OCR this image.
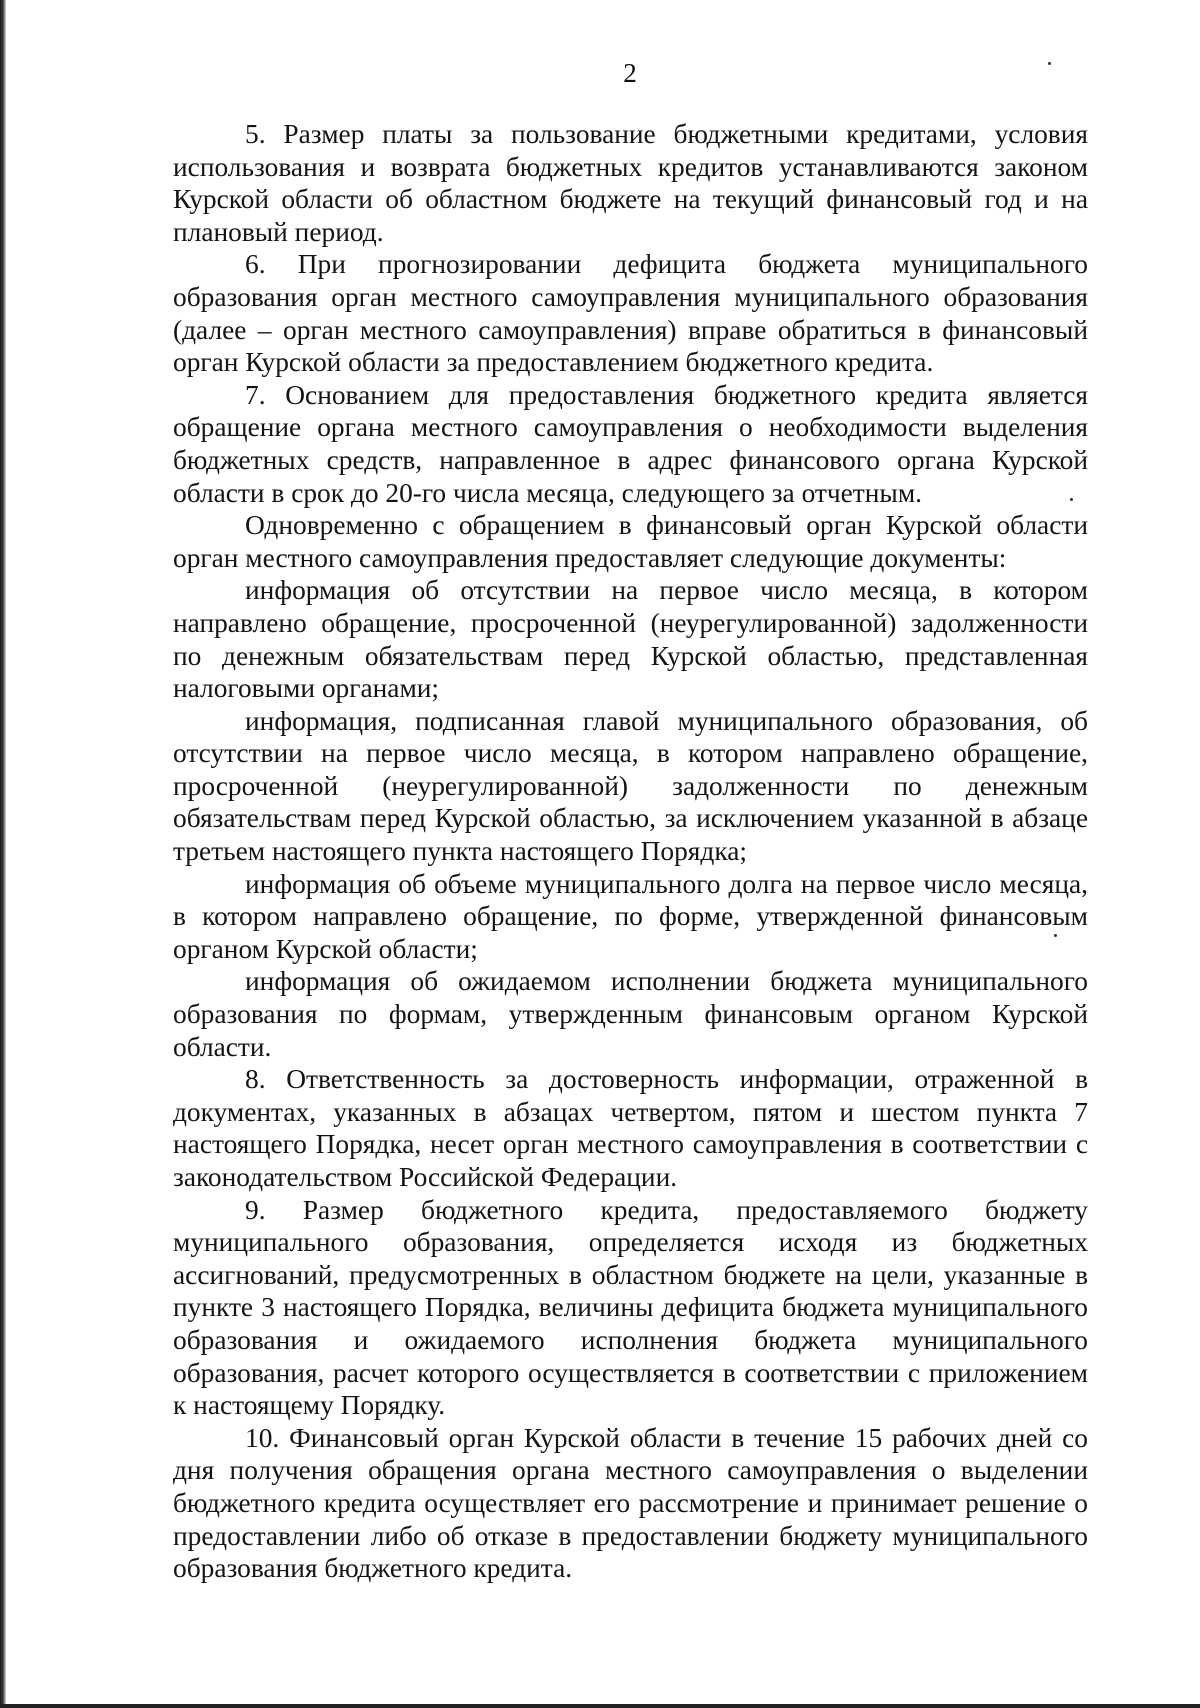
2

5. Размер платы за пользование бюджетными кредитами, условия использования и возврата бюджетных кредитов устанавливаются законом Курской области об областном бюджете на текущий финансовый год и на плановый период.

6. При прогнозировании дефицита бюджета муниципального образования орган местного самоуправления муниципального образования (далее – орган местного самоуправления) вправе обратиться в финансовый орган Курской области за предоставлением бюджетного кредита.

7. Основанием для предоставления бюджетного кредита является обращение органа местного самоуправления о необходимости выделения бюджетных средств, направленное в адрес финансового органа Курской области в срок до 20-го числа месяца, следующего за отчетным.

Одновременно с обращением в финансовый орган Курской области орган местного самоуправления предоставляет следующие документы:

информация об отсутствии на первое число месяца, в котором направлено обращение, просроченной (неурегулированной) задолженности по денежным обязательствам перед Курской областью, представленная налоговыми органами;

информация, подписанная главой муниципального образования, об отсутствии на первое число месяца, в котором направлено обращение, просроченной (неурегулированной) задолженности по денежным обязательствам перед Курской областью, за исключением указанной в абзаце третьем настоящего пункта настоящего Порядка;

информация об объеме муниципального долга на первое число месяца, в котором направлено обращение, по форме, утвержденной финансовым органом Курской области;

информация об ожидаемом исполнении бюджета муниципального образования по формам, утвержденным финансовым органом Курской области.

8. Ответственность за достоверность информации, отраженной в документах, указанных в абзацах четвертом, пятом и шестом пункта 7 настоящего Порядка, несет орган местного самоуправления в соответствии с законодательством Российской Федерации.

9. Размер бюджетного кредита, предоставляемого бюджету муниципального образования, определяется исходя из бюджетных ассигнований, предусмотренных в областном бюджете на цели, указанные в пункте 3 настоящего Порядка, величины дефицита бюджета муниципального образования и ожидаемого исполнения бюджета муниципального образования, расчет которого осуществляется в соответствии с приложением к настоящему Порядку.

10. Финансовый орган Курской области в течение 15 рабочих дней со дня получения обращения органа местного самоуправления о выделении бюджетного кредита осуществляет его рассмотрение и принимает решение о предоставлении либо об отказе в предоставлении бюджету муниципального образования бюджетного кредита.
